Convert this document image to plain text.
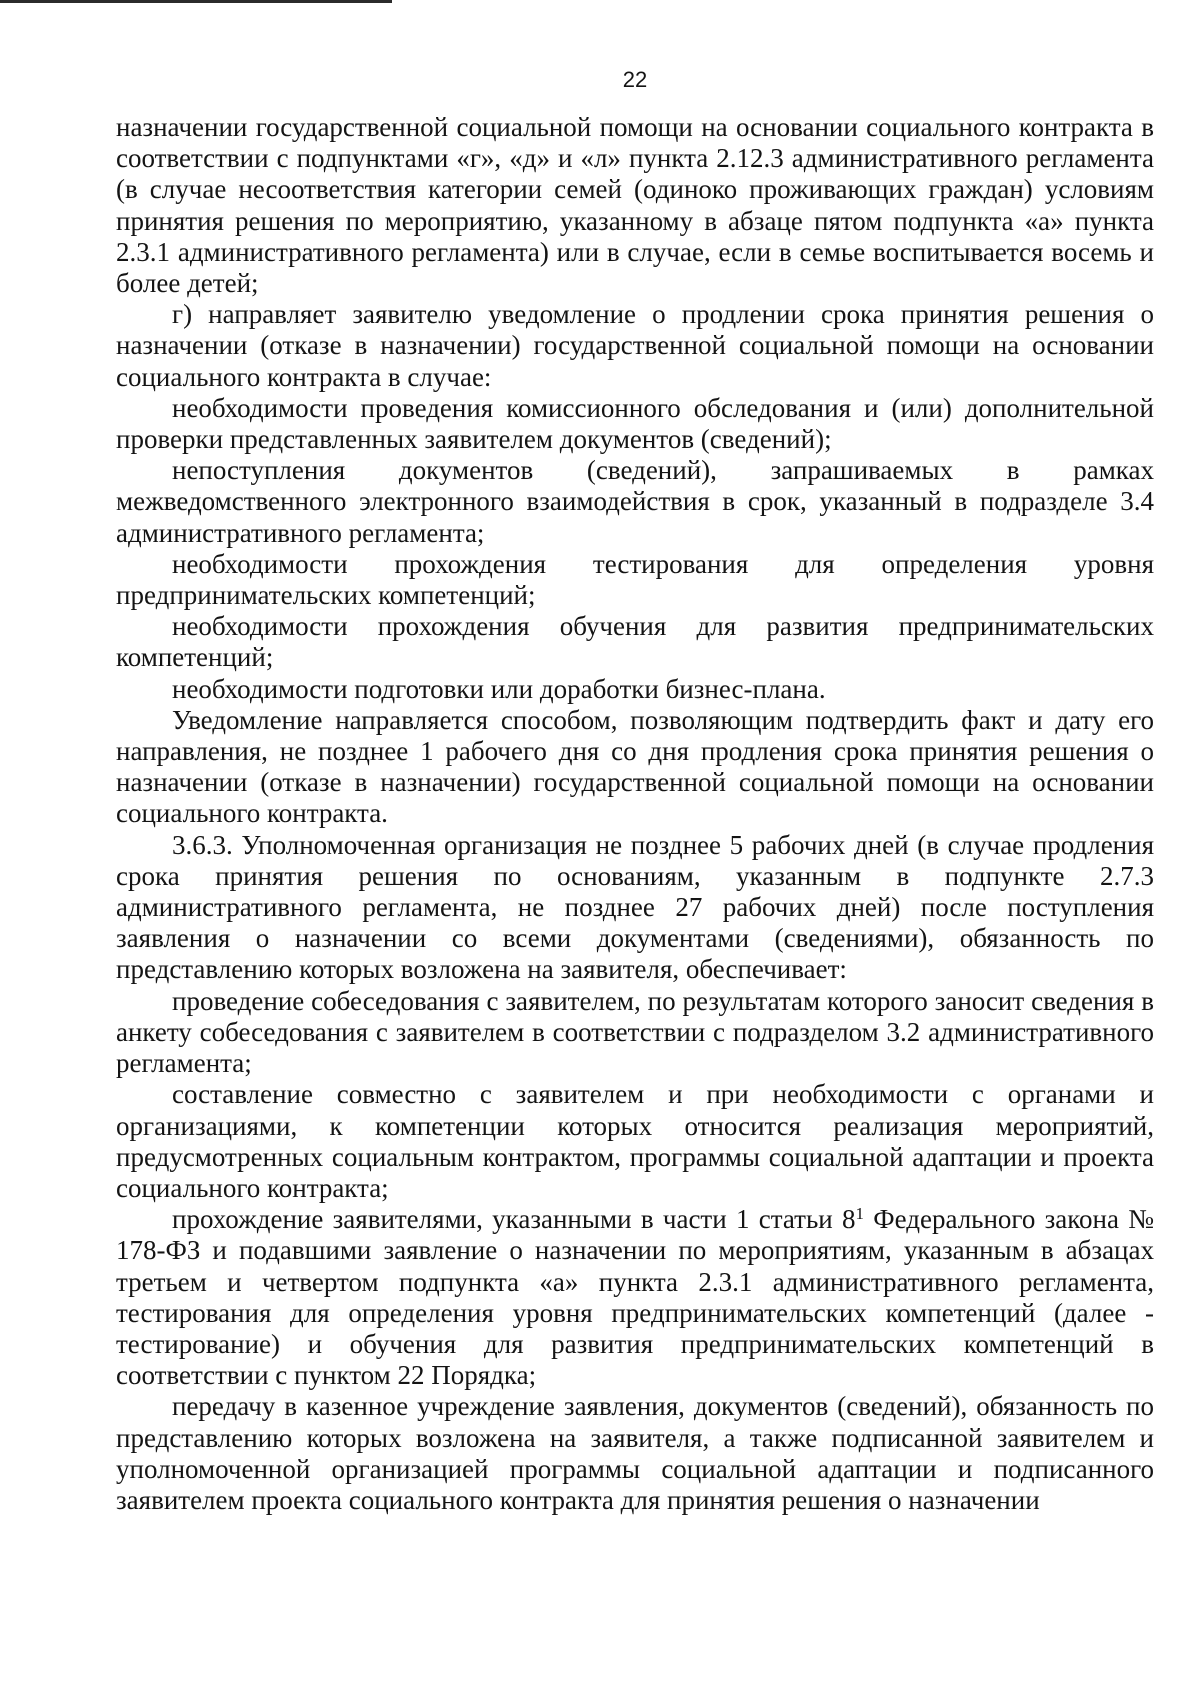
22

назначении государственной социальной помощи на основании социального контракта в соответствии с подпунктами «г», «д» и «л» пункта 2.12.3 административного регламента (в случае несоответствия категории семей (одиноко проживающих граждан) условиям принятия решения по мероприятию, указанному в абзаце пятом подпункта «а» пункта 2.3.1 административного регламента) или в случае, если в семье воспитывается восемь и более детей;

г) направляет заявителю уведомление о продлении срока принятия решения о назначении (отказе в назначении) государственной социальной помощи на основании социального контракта в случае:

необходимости проведения комиссионного обследования и (или) дополнительной проверки представленных заявителем документов (сведений);

непоступления документов (сведений), запрашиваемых в рамках межведомственного электронного взаимодействия в срок, указанный в подразделе 3.4 административного регламента;

необходимости прохождения тестирования для определения уровня предпринимательских компетенций;

необходимости прохождения обучения для развития предпринимательских компетенций;

необходимости подготовки или доработки бизнес-плана.

Уведомление направляется способом, позволяющим подтвердить факт и дату его направления, не позднее 1 рабочего дня со дня продления срока принятия решения о назначении (отказе в назначении) государственной социальной помощи на основании социального контракта.

3.6.3. Уполномоченная организация не позднее 5 рабочих дней (в случае продления срока принятия решения по основаниям, указанным в подпункте 2.7.3 административного регламента, не позднее 27 рабочих дней) после поступления заявления о назначении со всеми документами (сведениями), обязанность по представлению которых возложена на заявителя, обеспечивает:

проведение собеседования с заявителем, по результатам которого заносит сведения в анкету собеседования с заявителем в соответствии с подразделом 3.2 административного регламента;

составление совместно с заявителем и при необходимости с органами и организациями, к компетенции которых относится реализация мероприятий, предусмотренных социальным контрактом, программы социальной адаптации и проекта социального контракта;

прохождение заявителями, указанными в части 1 статьи $8^1$ Федерального закона № 178-ФЗ и подавшими заявление о назначении по мероприятиям, указанным в абзацах третьем и четвертом подпункта «а» пункта 2.3.1 административного регламента, тестирования для определения уровня предпринимательских компетенций (далее - тестирование) и обучения для развития предпринимательских компетенций в соответствии с пунктом 22 Порядка;

передачу в казенное учреждение заявления, документов (сведений), обязанность по представлению которых возложена на заявителя, а также подписанной заявителем и уполномоченной организацией программы социальной адаптации и подписанного заявителем проекта социального контракта для принятия решения о назначении
